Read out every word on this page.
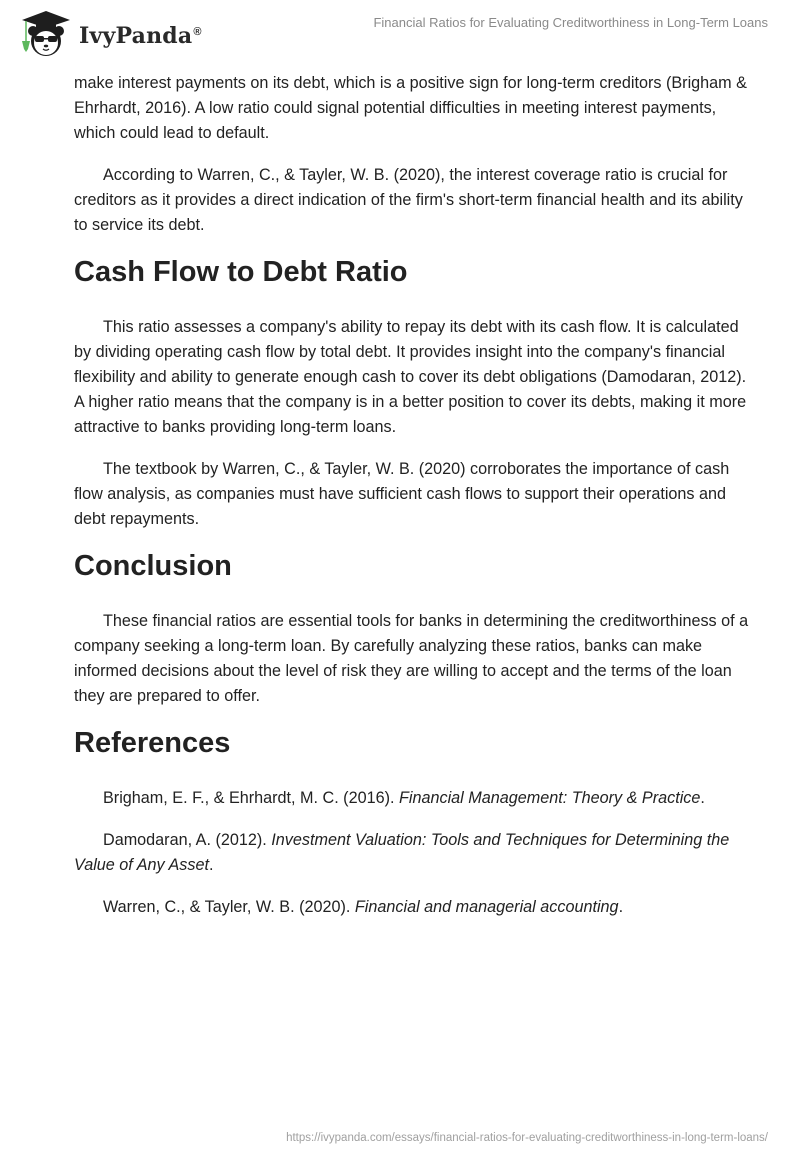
IvyPanda®
Financial Ratios for Evaluating Creditworthiness in Long-Term Loans

make interest payments on its debt, which is a positive sign for long-term creditors (Brigham & Ehrhardt, 2016). A low ratio could signal potential difficulties in meeting interest payments, which could lead to default.

According to Warren, C., & Tayler, W. B. (2020), the interest coverage ratio is crucial for creditors as it provides a direct indication of the firm's short-term financial health and its ability to service its debt.

Cash Flow to Debt Ratio

This ratio assesses a company's ability to repay its debt with its cash flow. It is calculated by dividing operating cash flow by total debt. It provides insight into the company's financial flexibility and ability to generate enough cash to cover its debt obligations (Damodaran, 2012). A higher ratio means that the company is in a better position to cover its debts, making it more attractive to banks providing long-term loans.

The textbook by Warren, C., & Tayler, W. B. (2020) corroborates the importance of cash flow analysis, as companies must have sufficient cash flows to support their operations and debt repayments.

Conclusion

These financial ratios are essential tools for banks in determining the creditworthiness of a company seeking a long-term loan. By carefully analyzing these ratios, banks can make informed decisions about the level of risk they are willing to accept and the terms of the loan they are prepared to offer.

References

Brigham, E. F., & Ehrhardt, M. C. (2016). Financial Management: Theory & Practice.

Damodaran, A. (2012). Investment Valuation: Tools and Techniques for Determining the Value of Any Asset.

Warren, C., & Tayler, W. B. (2020). Financial and managerial accounting.

https://ivypanda.com/essays/financial-ratios-for-evaluating-creditworthiness-in-long-term-loans/
